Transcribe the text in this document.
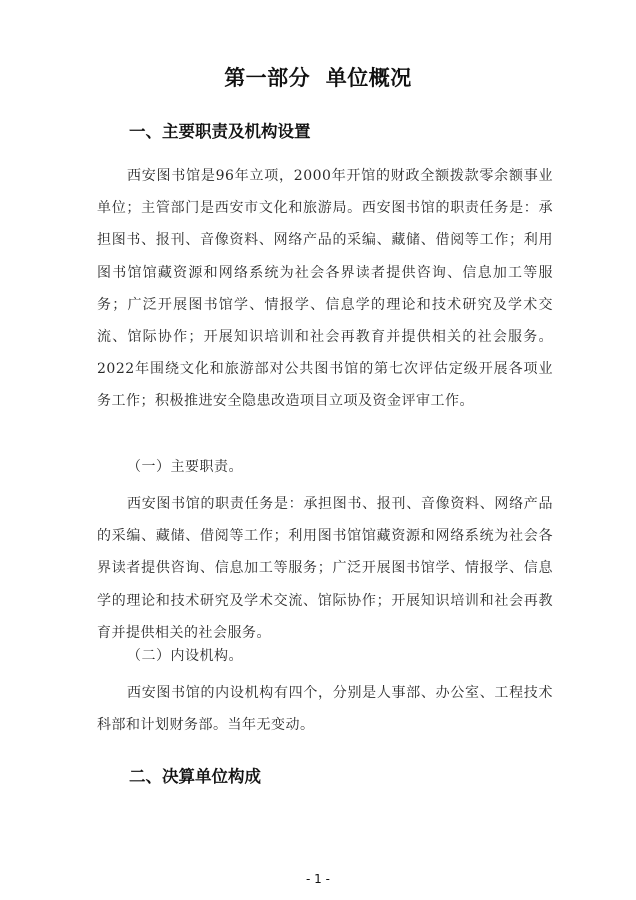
第一部分  单位概况
一、主要职责及机构设置

西安图书馆是96年立项，2000年开馆的财政全额拨款零余额事业单位；主管部门是西安市文化和旅游局。西安图书馆的职责任务是：承担图书、报刊、音像资料、网络产品的采编、藏储、借阅等工作；利用图书馆馆藏资源和网络系统为社会各界读者提供咨询、信息加工等服务；广泛开展图书馆学、情报学、信息学的理论和技术研究及学术交流、馆际协作；开展知识培训和社会再教育并提供相关的社会服务。2022年围绕文化和旅游部对公共图书馆的第七次评估定级开展各项业务工作；积极推进安全隐患改造项目立项及资金评审工作。

（一）主要职责。

西安图书馆的职责任务是：承担图书、报刊、音像资料、网络产品的采编、藏储、借阅等工作；利用图书馆馆藏资源和网络系统为社会各界读者提供咨询、信息加工等服务；广泛开展图书馆学、情报学、信息学的理论和技术研究及学术交流、馆际协作；开展知识培训和社会再教育并提供相关的社会服务。

（二）内设机构。

西安图书馆的内设机构有四个，分别是人事部、办公室、工程技术科部和计划财务部。当年无变动。

二、决算单位构成
- 1 -
